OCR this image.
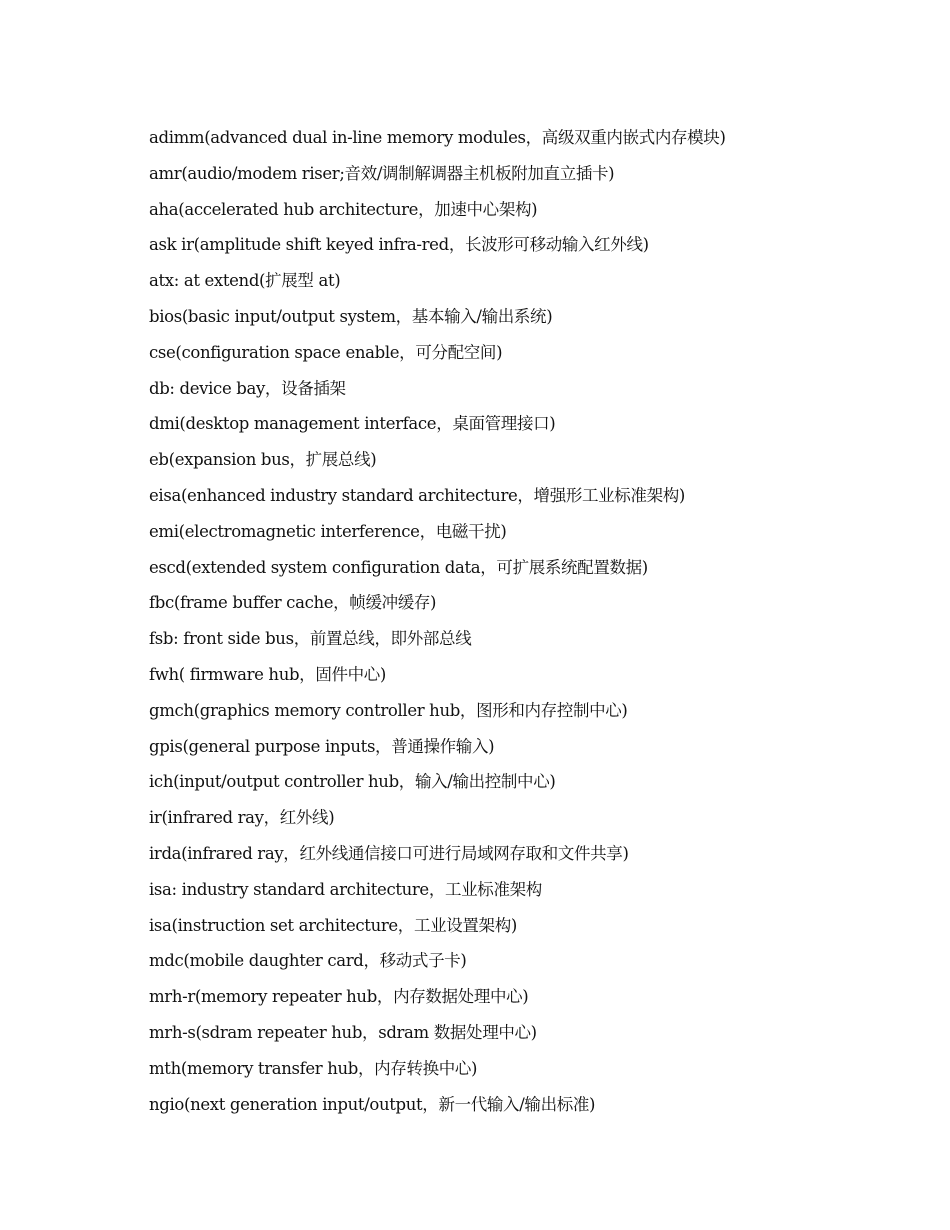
adimm(advanced dual in-line memory modules，高级双重内嵌式内存模块)
amr(audio/modem riser;音效/调制解调器主机板附加直立插卡)
aha(accelerated hub architecture，加速中心架构)
ask ir(amplitude shift keyed infra-red，长波形可移动输入红外线)
atx: at extend(扩展型 at)
bios(basic input/output system，基本输入/输出系统)
cse(configuration space enable，可分配空间)
db: device bay，设备插架
dmi(desktop management interface，桌面管理接口)
eb(expansion bus，扩展总线)
eisa(enhanced industry standard architecture，增强形工业标准架构)
emi(electromagnetic interference，电磁干扰)
escd(extended system configuration data，可扩展系统配置数据)
fbc(frame buffer cache，帧缓冲缓存)
fsb: front side bus，前置总线，即外部总线
fwh( firmware hub，固件中心)
gmch(graphics memory controller hub，图形和内存控制中心)
gpis(general purpose inputs，普通操作输入)
ich(input/output controller hub，输入/输出控制中心)
ir(infrared ray，红外线)
irda(infrared ray，红外线通信接口可进行局域网存取和文件共享)
isa: industry standard architecture，工业标准架构
isa(instruction set architecture，工业设置架构)
mdc(mobile daughter card，移动式子卡)
mrh-r(memory repeater hub，内存数据处理中心)
mrh-s(sdram repeater hub，sdram 数据处理中心)
mth(memory transfer hub，内存转换中心)
ngio(next generation input/output，新一代输入/输出标准)
